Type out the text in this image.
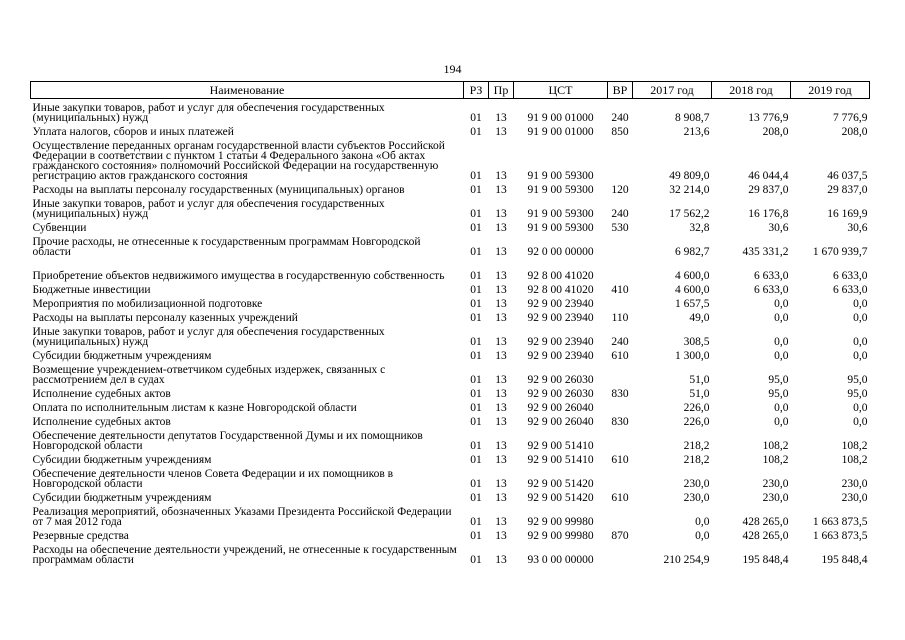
194
Наименование	РЗ	Пр	ЦСТ	ВР	2017 год	2018 год	2019 год
Иные закупки товаров, работ и услуг для обеспечения государственных (муниципальных) нужд	01	13	91 9 00 01000	240	8 908,7	13 776,9	7 776,9
Уплата налогов, сборов и иных платежей	01	13	91 9 00 01000	850	213,6	208,0	208,0
Осуществление переданных органам государственной власти субъектов Российской Федерации в соответствии с пунктом 1 статьи 4 Федерального закона «Об актах гражданского состояния» полномочий Российской Федерации на государственную регистрацию актов гражданского состояния	01	13	91 9 00 59300		49 809,0	46 044,4	46 037,5
Расходы на выплаты персоналу государственных (муниципальных) органов	01	13	91 9 00 59300	120	32 214,0	29 837,0	29 837,0
Иные закупки товаров, работ и услуг для обеспечения государственных (муниципальных) нужд	01	13	91 9 00 59300	240	17 562,2	16 176,8	16 169,9
Субвенции	01	13	91 9 00 59300	530	32,8	30,6	30,6
Прочие расходы, не отнесенные к государственным программам Новгородской области	01	13	92 0 00 00000		6 982,7	435 331,2	1 670 939,7
Приобретение объектов недвижимого имущества в государственную собственность	01	13	92 8 00 41020		4 600,0	6 633,0	6 633,0
Бюджетные инвестиции	01	13	92 8 00 41020	410	4 600,0	6 633,0	6 633,0
Мероприятия по мобилизационной подготовке	01	13	92 9 00 23940		1 657,5	0,0	0,0
Расходы на выплаты персоналу казенных учреждений	01	13	92 9 00 23940	110	49,0	0,0	0,0
Иные закупки товаров, работ и услуг для обеспечения государственных (муниципальных) нужд	01	13	92 9 00 23940	240	308,5	0,0	0,0
Субсидии бюджетным учреждениям	01	13	92 9 00 23940	610	1 300,0	0,0	0,0
Возмещение учреждением-ответчиком судебных издержек, связанных с рассмотрением дел в судах	01	13	92 9 00 26030		51,0	95,0	95,0
Исполнение судебных актов	01	13	92 9 00 26030	830	51,0	95,0	95,0
Оплата по исполнительным листам к казне Новгородской области	01	13	92 9 00 26040		226,0	0,0	0,0
Исполнение судебных актов	01	13	92 9 00 26040	830	226,0	0,0	0,0
Обеспечение деятельности депутатов Государственной Думы и их помощников Новгородской области	01	13	92 9 00 51410		218,2	108,2	108,2
Субсидии бюджетным учреждениям	01	13	92 9 00 51410	610	218,2	108,2	108,2
Обеспечение деятельности членов Совета Федерации и их помощников в Новгородской области	01	13	92 9 00 51420		230,0	230,0	230,0
Субсидии бюджетным учреждениям	01	13	92 9 00 51420	610	230,0	230,0	230,0
Реализация мероприятий, обозначенных Указами Президента Российской Федерации от 7 мая 2012 года	01	13	92 9 00 99980		0,0	428 265,0	1 663 873,5
Резервные средства	01	13	92 9 00 99980	870	0,0	428 265,0	1 663 873,5
Расходы на обеспечение деятельности учреждений, не отнесенные к государственным программам области	01	13	93 0 00 00000		210 254,9	195 848,4	195 848,4
